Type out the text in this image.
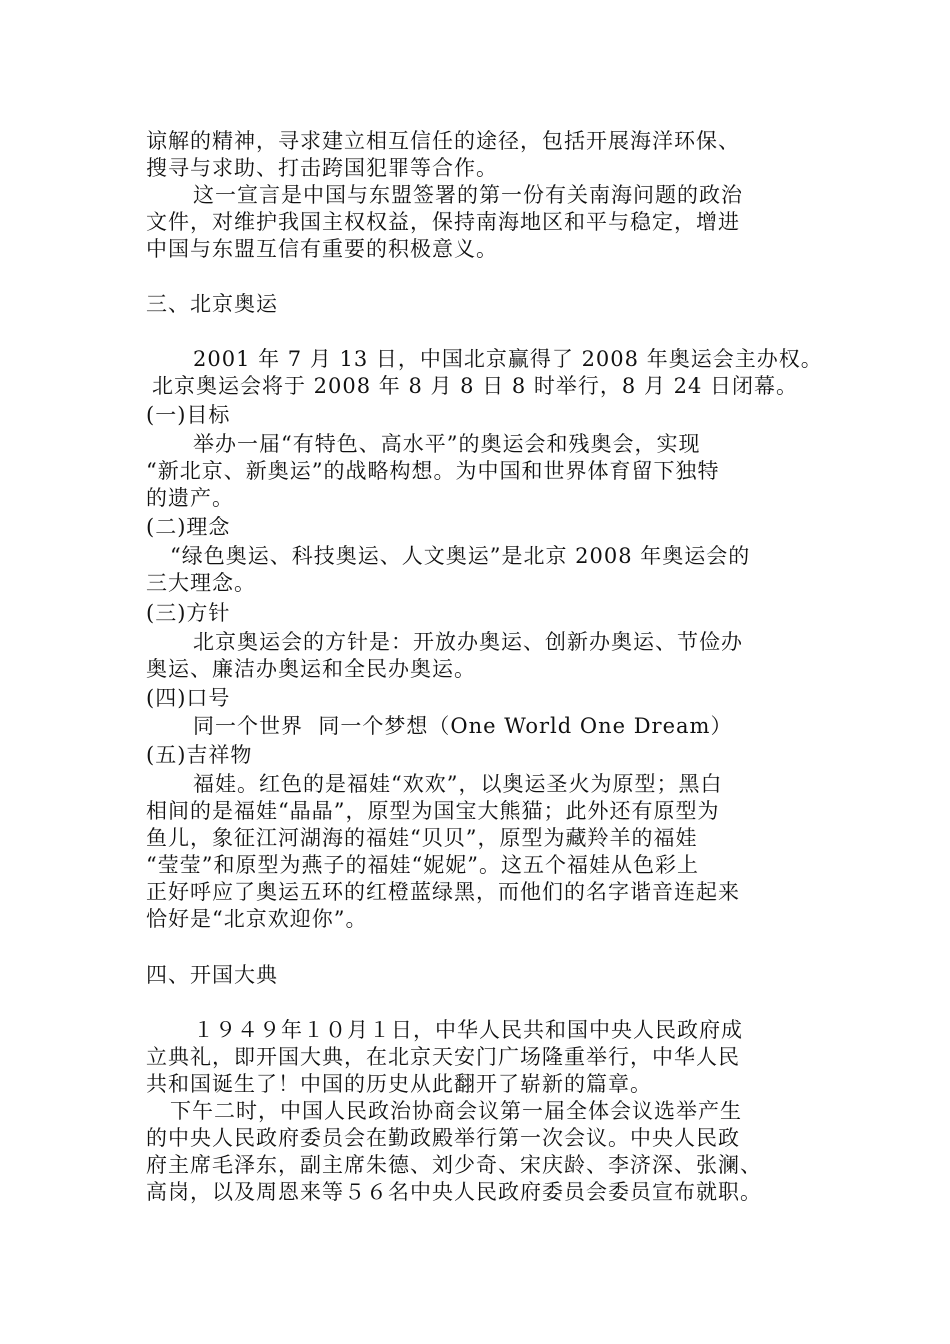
谅解的精神，寻求建立相互信任的途径，包括开展海洋环保、
搜寻与求助、打击跨国犯罪等合作。
这一宣言是中国与东盟签署的第一份有关南海问题的政治
文件，对维护我国主权权益，保持南海地区和平与稳定，增进
中国与东盟互信有重要的积极意义。
三、北京奥运
2001 年 7 月 13 日，中国北京赢得了 2008 年奥运会主办权。
北京奥运会将于 2008 年 8 月 8 日 8 时举行，8 月 24 日闭幕。
(一)目标
举办一届“有特色、高水平”的奥运会和残奥会，实现
“新北京、新奥运”的战略构想。为中国和世界体育留下独特
的遗产。
(二)理念
“绿色奥运、科技奥运、人文奥运”是北京 2008 年奥运会的
三大理念。
(三)方针
北京奥运会的方针是：开放办奥运、创新办奥运、节俭办
奥运、廉洁办奥运和全民办奥运。
(四)口号
同一个世界  同一个梦想（One World One Dream）
(五)吉祥物
福娃。红色的是福娃“欢欢”，以奥运圣火为原型；黑白
相间的是福娃“晶晶”，原型为国宝大熊猫；此外还有原型为
鱼儿，象征江河湖海的福娃“贝贝”，原型为藏羚羊的福娃
“莹莹”和原型为燕子的福娃“妮妮”。这五个福娃从色彩上
正好呼应了奥运五环的红橙蓝绿黑，而他们的名字谐音连起来
恰好是“北京欢迎你”。
四、开国大典
１９４９年１０月１日，中华人民共和国中央人民政府成
立典礼，即开国大典，在北京天安门广场隆重举行，中华人民
共和国诞生了！中国的历史从此翻开了崭新的篇章。
下午二时，中国人民政治协商会议第一届全体会议选举产生
的中央人民政府委员会在勤政殿举行第一次会议。中央人民政
府主席毛泽东，副主席朱德、刘少奇、宋庆龄、李济深、张澜、
高岗，以及周恩来等５６名中央人民政府委员会委员宣布就职。
